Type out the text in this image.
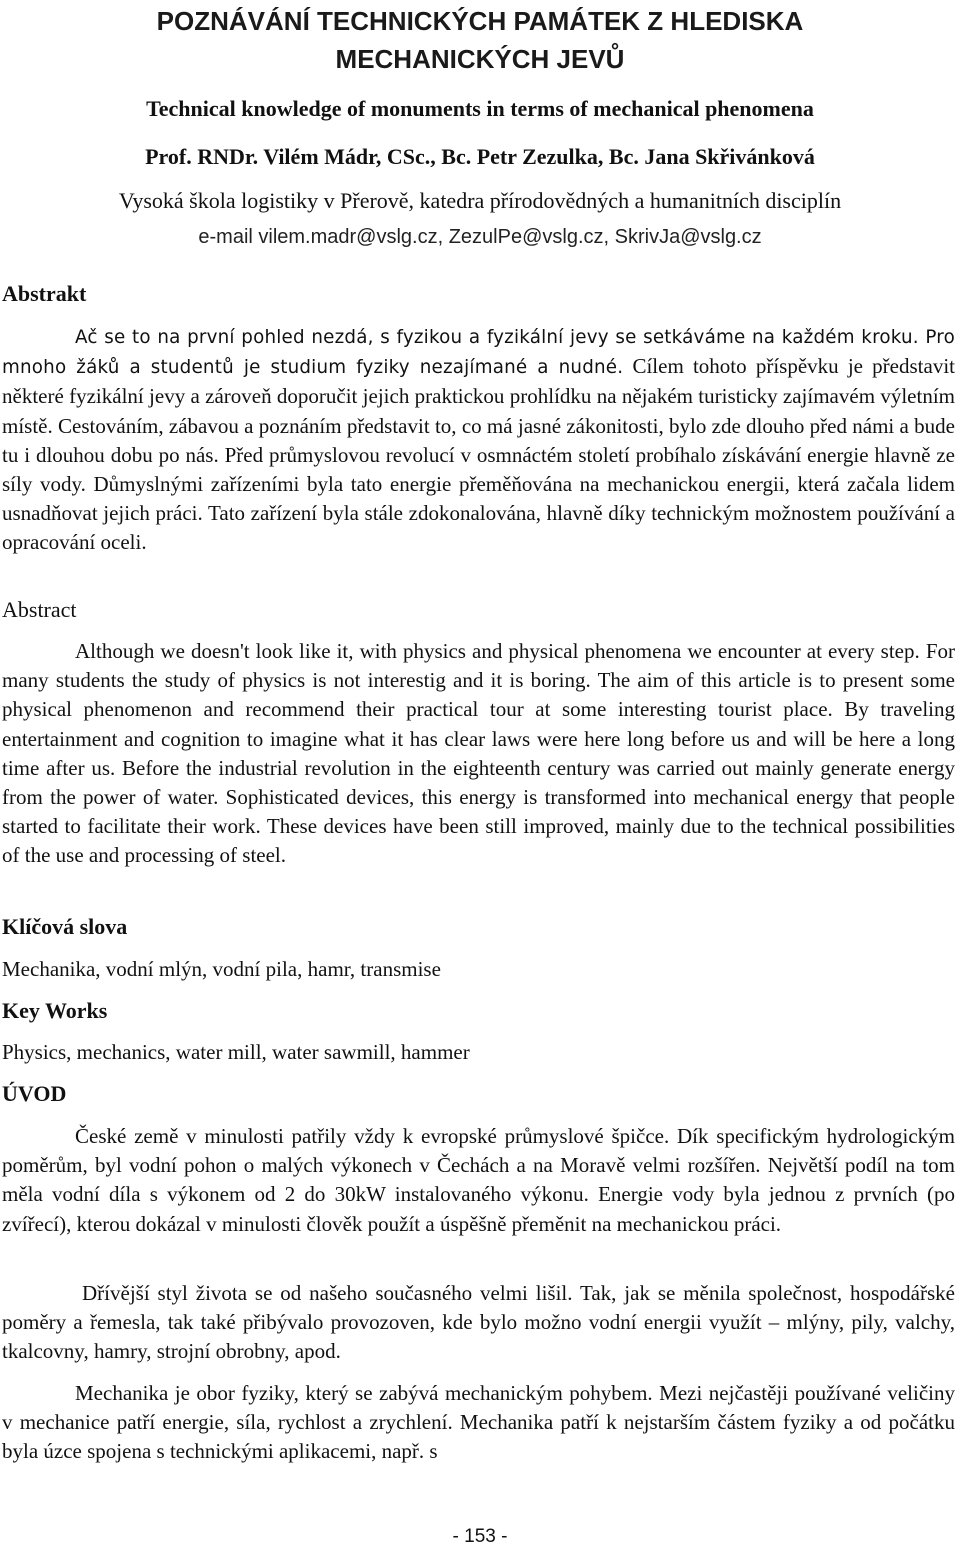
POZNÁVÁNÍ TECHNICKÝCH PAMÁTEK Z HLEDISKA
MECHANICKÝCH JEVŮ
Technical knowledge of monuments in terms of mechanical phenomena
Prof. RNDr. Vilém Mádr, CSc., Bc. Petr Zezulka, Bc. Jana Skřivánková
Vysoká škola logistiky v Přerově, katedra přírodovědných a humanitních disciplín
e-mail vilem.madr@vslg.cz, ZezulPe@vslg.cz, SkrivJa@vslg.cz
Abstrakt
Ač se to na první pohled nezdá, s fyzikou a fyzikální jevy se setkáváme na každém kroku. Pro mnoho žáků a studentů je studium fyziky nezajímané a nudné. Cílem tohoto příspěvku je představit některé fyzikální jevy a zároveň doporučit jejich praktickou prohlídku na nějakém turisticky zajímavém výletním místě. Cestováním, zábavou a poznáním představit to, co má jasné zákonitosti, bylo zde dlouho před námi a bude tu i dlouhou dobu po nás. Před průmyslovou revolucí v osmnáctém století probíhalo získávání energie hlavně ze síly vody. Důmyslnými zařízeními byla tato energie přeměňována na mechanickou energii, která začala lidem usnadňovat jejich práci. Tato zařízení byla stále zdokonalována, hlavně díky technickým možnostem používání a opracování oceli.
Abstract
Although we doesn't look like it, with physics and physical phenomena we encounter at every step. For many students the study of physics is not interestig and it is boring. The aim of this article is to present some physical phenomenon and recommend their practical tour at some interesting tourist place. By traveling entertainment and cognition to imagine what it has clear laws were here long before us and will be here a long time after us. Before the industrial revolution in the eighteenth century was carried out mainly generate energy from the power of water. Sophisticated devices, this energy is transformed into mechanical energy that people started to facilitate their work. These devices have been still improved, mainly due to the technical possibilities of the use and processing of steel.
Klíčová slova
Mechanika, vodní mlýn, vodní pila, hamr, transmise
Key Works
Physics, mechanics, water mill, water sawmill, hammer
ÚVOD
České země v minulosti patřily vždy k evropské průmyslové špičce. Dík specifickým hydrologickým poměrům, byl vodní pohon o malých výkonech v Čechách a na Moravě velmi rozšířen. Největší podíl na tom měla vodní díla s výkonem od 2 do 30kW instalovaného výkonu. Energie vody byla jednou z prvních (po zvířecí), kterou dokázal v minulosti člověk použít a úspěšně přeměnit na mechanickou práci.
Dřívější styl života se od našeho současného velmi lišil. Tak, jak se měnila společnost, hospodářské poměry a řemesla, tak také přibývalo provozoven, kde bylo možno vodní energii využít – mlýny, pily, valchy, tkalcovny, hamry, strojní obrobny, apod.
Mechanika je obor fyziky, který se zabývá mechanickým pohybem. Mezi nejčastěji používané veličiny v mechanice patří energie, síla, rychlost a zrychlení. Mechanika patří k nejstarším částem fyziky a od počátku byla úzce spojena s technickými aplikacemi, např. s
- 153 -
